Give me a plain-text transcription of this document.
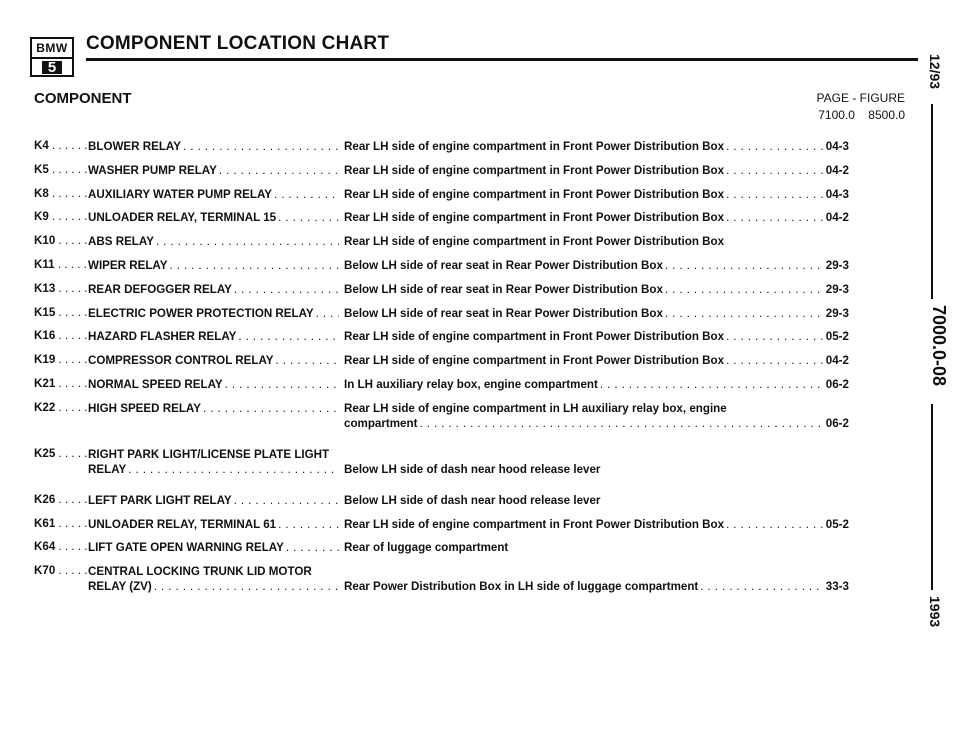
BMW
5
COMPONENT LOCATION CHART
COMPONENT	PAGE - FIGURE
7100.0 8500.0
12/93
7000.0-08
1993
K4 . . .	BLOWER RELAY . . .	Rear LH side of engine compartment in Front Power Distribution Box . . .	04-3
K5 . . .	WASHER PUMP RELAY . . .	Rear LH side of engine compartment in Front Power Distribution Box . . .	04-2
K8 . . .	AUXILIARY WATER PUMP RELAY . . .	Rear LH side of engine compartment in Front Power Distribution Box . . .	04-3
K9 . . .	UNLOADER RELAY, TERMINAL 15 . . .	Rear LH side of engine compartment in Front Power Distribution Box . . .	04-2
K10 . . .	ABS RELAY . . .	Rear LH side of engine compartment in Front Power Distribution Box
K11 . . .	WIPER RELAY . . .	Below LH side of rear seat in Rear Power Distribution Box . . .	29-3
K13 . . .	REAR DEFOGGER RELAY . . .	Below LH side of rear seat in Rear Power Distribution Box . . .	29-3
K15 . . .	ELECTRIC POWER PROTECTION RELAY . . .	Below LH side of rear seat in Rear Power Distribution Box . . .	29-3
K16 . . .	HAZARD FLASHER RELAY . . .	Rear LH side of engine compartment in Front Power Distribution Box . . .	05-2
K19 . . .	COMPRESSOR CONTROL RELAY . . .	Rear LH side of engine compartment in Front Power Distribution Box . . .	04-2
K21 . . .	NORMAL SPEED RELAY . . .	In LH auxiliary relay box, engine compartment . . .	06-2
K22 . . .	HIGH SPEED RELAY . . .	Rear LH side of engine compartment in LH auxiliary relay box, engine
compartment . . .	06-2
K25 . . .	RIGHT PARK LIGHT/LICENSE PLATE LIGHT
RELAY . . .	Below LH side of dash near hood release lever
K26 . . .	LEFT PARK LIGHT RELAY . . .	Below LH side of dash near hood release lever
K61 . . .	UNLOADER RELAY, TERMINAL 61 . . .	Rear LH side of engine compartment in Front Power Distribution Box . . .	05-2
K64 . . .	LIFT GATE OPEN WARNING RELAY . . .	Rear of luggage compartment
K70 . . .	CENTRAL LOCKING TRUNK LID MOTOR
RELAY (ZV) . . .	Rear Power Distribution Box in LH side of luggage compartment . . .	33-3
